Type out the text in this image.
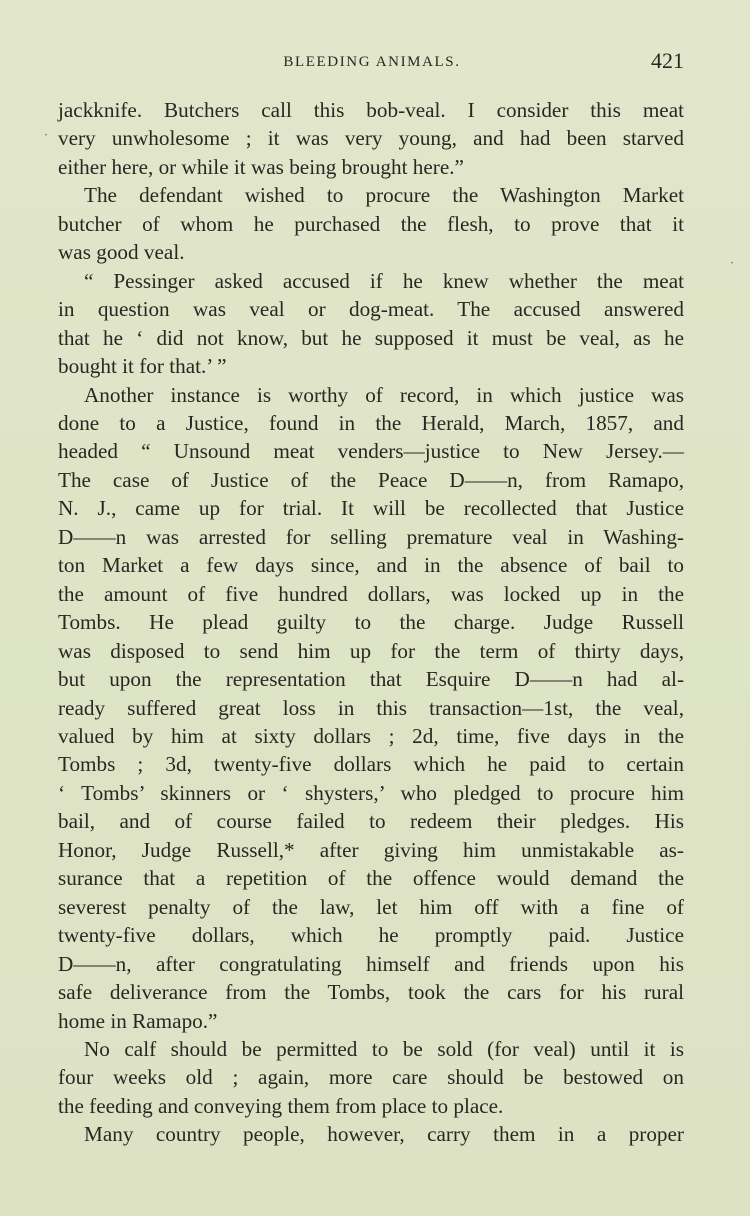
BLEEDING ANIMALS.	421
·
·

jackknife. Butchers call this bob-veal. I consider this meat

very unwholesome ; it was very young, and had been starved

either here, or while it was being brought here.”

The defendant wished to procure the Washington Market

butcher of whom he purchased the flesh, to prove that it

was good veal.

“ Pessinger asked accused if he knew whether the meat

in question was veal or dog-meat. The accused answered

that he ‘ did not know, but he supposed it must be veal, as he

bought it for that.’ ”

Another instance is worthy of record, in which justice was

done to a Justice, found in the Herald, March, 1857, and

headed “ Unsound meat venders—justice to New Jersey.—

The case of Justice of the Peace D——n, from Ramapo,

N. J., came up for trial. It will be recollected that Justice

D——n was arrested for selling premature veal in Washing-

ton Market a few days since, and in the absence of bail to

the amount of five hundred dollars, was locked up in the

Tombs. He plead guilty to the charge. Judge Russell

was disposed to send him up for the term of thirty days,

but upon the representation that Esquire D——n had al-

ready suffered great loss in this transaction—1st, the veal,

valued by him at sixty dollars ; 2d, time, five days in the

Tombs ; 3d, twenty-five dollars which he paid to certain

‘ Tombs’ skinners or ‘ shysters,’ who pledged to procure him

bail, and of course failed to redeem their pledges. His

Honor, Judge Russell,* after giving him unmistakable as-

surance that a repetition of the offence would demand the

severest penalty of the law, let him off with a fine of

twenty-five dollars, which he promptly paid. Justice

D——n, after congratulating himself and friends upon his

safe deliverance from the Tombs, took the cars for his rural

home in Ramapo.”

No calf should be permitted to be sold (for veal) until it is

four weeks old ; again, more care should be bestowed on

the feeding and conveying them from place to place.

Many country people, however, carry them in a proper
